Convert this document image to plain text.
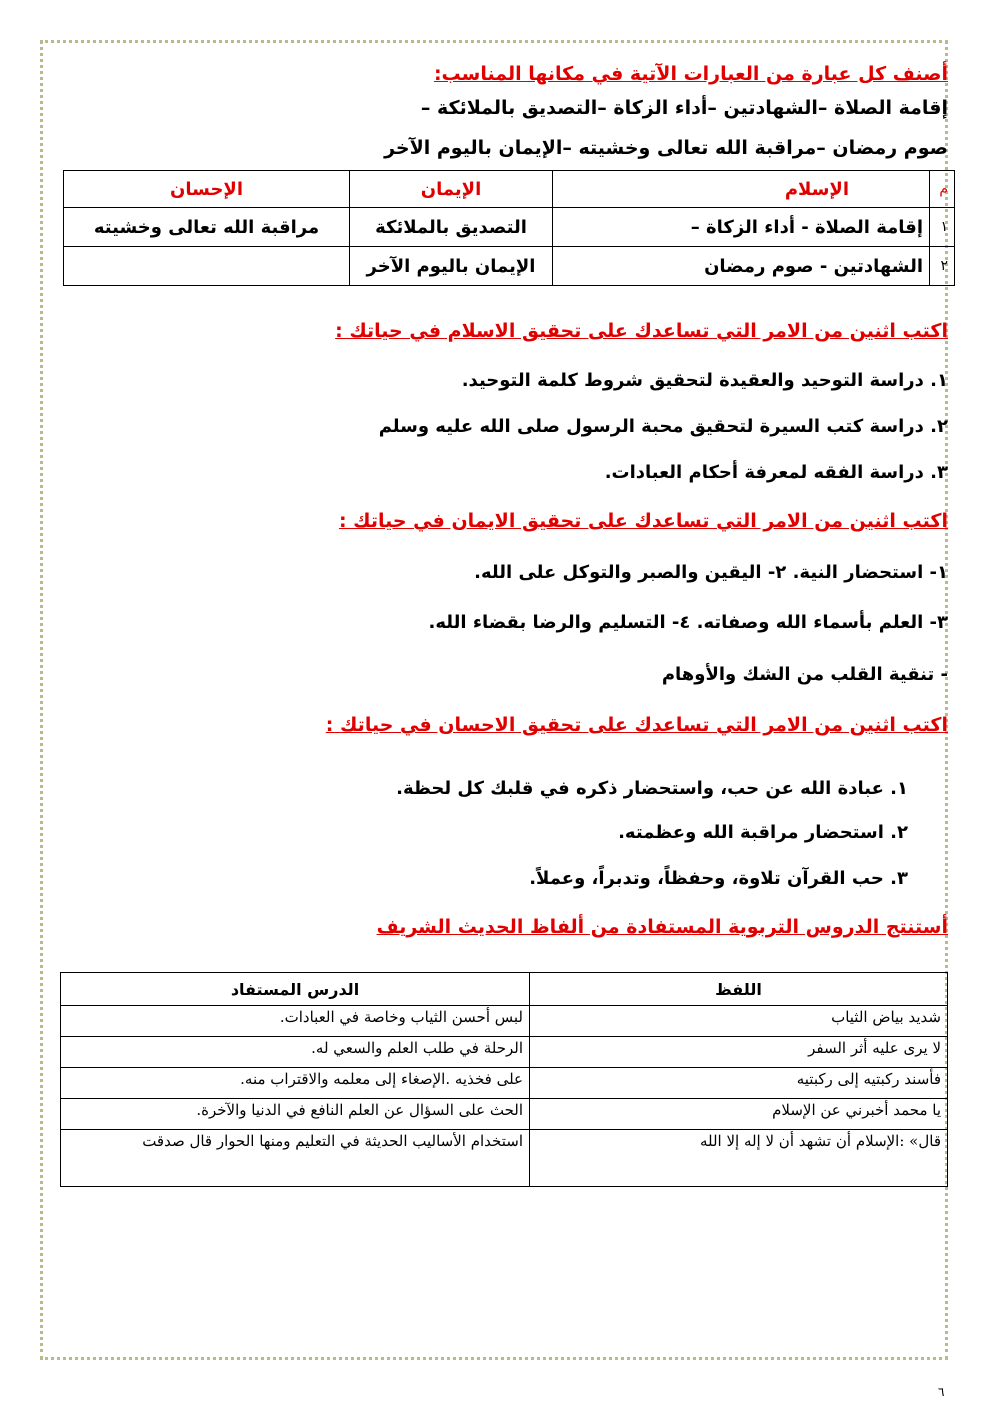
أصنف كل عبارة من العبارات الآتية في مكانها المناسب:
إقامة الصلاة –الشهادتين –أداء الزكاة –التصديق بالملائكة –
صوم رمضان –مراقبة الله تعالى وخشيته –الإيمان باليوم الآخر
م	الإسلام	الإيمان	الإحسان
١	إقامة الصلاة - أداء الزكاة –	التصديق بالملائكة	مراقبة الله تعالى وخشيته
٢	الشهادتين - صوم رمضان	الإيمان باليوم الآخر	
اكتب اثنين من الامر التي تساعدك على تحقيق الاسلام في حياتك :
١. دراسة التوحيد والعقيدة لتحقيق شروط كلمة التوحيد.
٢. دراسة كتب السيرة لتحقيق محبة الرسول صلى الله عليه وسلم
٣. دراسة الفقه لمعرفة أحكام العبادات.
اكتب اثنين من الامر التي تساعدك على تحقيق الايمان في حياتك :
١- استحضار النية. ٢- اليقين والصبر والتوكل على الله.
٣- العلم بأسماء الله وصفاته. ٤- التسليم والرضا بقضاء الله.
- تنقية القلب من الشك والأوهام
اكتب اثنين من الامر التي تساعدك على تحقيق الاحسان في حياتك :
١. عبادة الله عن حب، واستحضار ذكره في قلبك كل لحظة.
٢. استحضار مراقبة الله وعظمته.
٣. حب القرآن تلاوة، وحفظاً، وتدبراً، وعملاً.
أستنتج الدروس التربوية المستفادة من ألفاظ الحديث الشريف
اللفظ	الدرس المستفاد
شديد بياض الثياب	لبس أحسن الثياب وخاصة في العبادات.
لا يرى عليه أثر السفر	الرحلة في طلب العلم والسعي له.
فأسند ركبتيه إلى ركبتيه	على فخذيه .الإصغاء إلى معلمه والاقتراب منه.
يا محمد أخبرني عن الإسلام	الحث على السؤال عن العلم النافع في الدنيا والآخرة.
قال» :الإسلام أن تشهد أن لا إله إلا الله	استخدام الأساليب الحديثة في التعليم ومنها الحوار قال صدقت
٦
